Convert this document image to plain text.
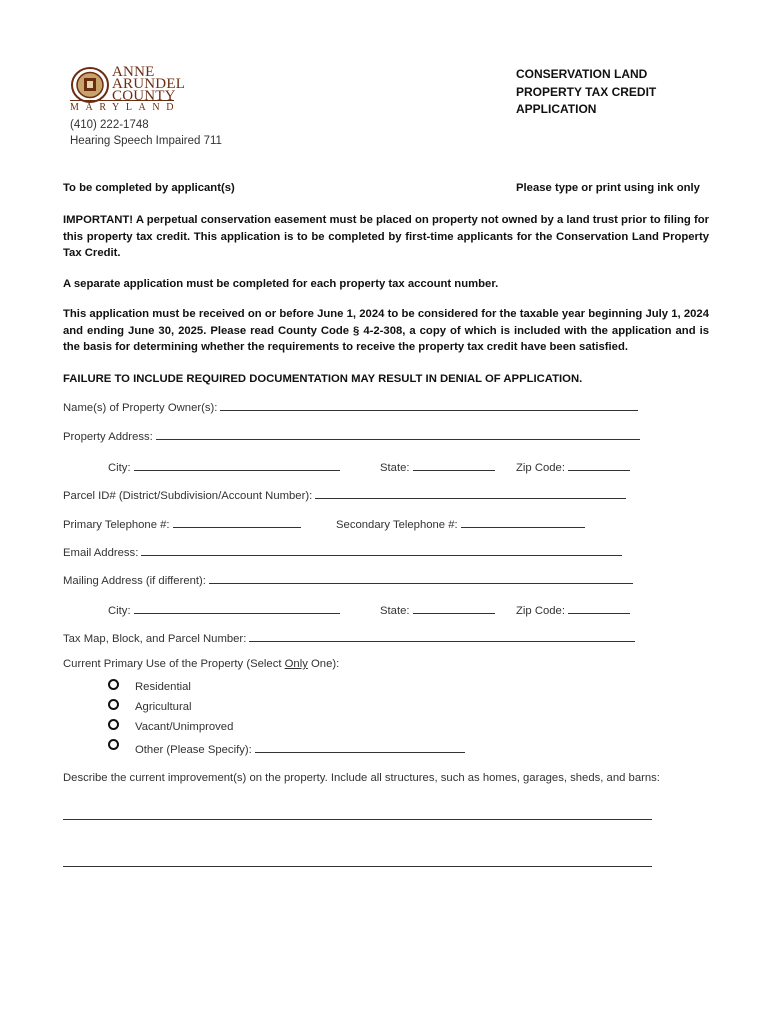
ANNE
ARUNDEL
COUNTY
MARYLAND
(410) 222-1748
Hearing Speech Impaired 711
CONSERVATION LAND
PROPERTY TAX CREDIT
APPLICATION
To be completed by applicant(s)	Please type or print using ink only
IMPORTANT! A perpetual conservation easement must be placed on property not owned by a land trust prior to filing for this property tax credit. This application is to be completed by first-time applicants for the Conservation Land Property Tax Credit.
A separate application must be completed for each property tax account number.
This application must be received on or before June 1, 2024 to be considered for the taxable year beginning July 1, 2024 and ending June 30, 2025. Please read County Code § 4-2-308, a copy of which is included with the application and is the basis for determining whether the requirements to receive the property tax credit have been satisfied.
FAILURE TO INCLUDE REQUIRED DOCUMENTATION MAY RESULT IN DENIAL OF APPLICATION.
Name(s) of Property Owner(s):
Property Address:
City:	State:	Zip Code:
Parcel ID# (District/Subdivision/Account Number):
Primary Telephone #:	Secondary Telephone #:
Email Address:
Mailing Address (if different):
City:	State:	Zip Code:
Tax Map, Block, and Parcel Number:
Current Primary Use of the Property (Select Only One):
Residential
Agricultural
Vacant/Unimproved
Other (Please Specify):
Describe the current improvement(s) on the property. Include all structures, such as homes, garages, sheds, and barns:
